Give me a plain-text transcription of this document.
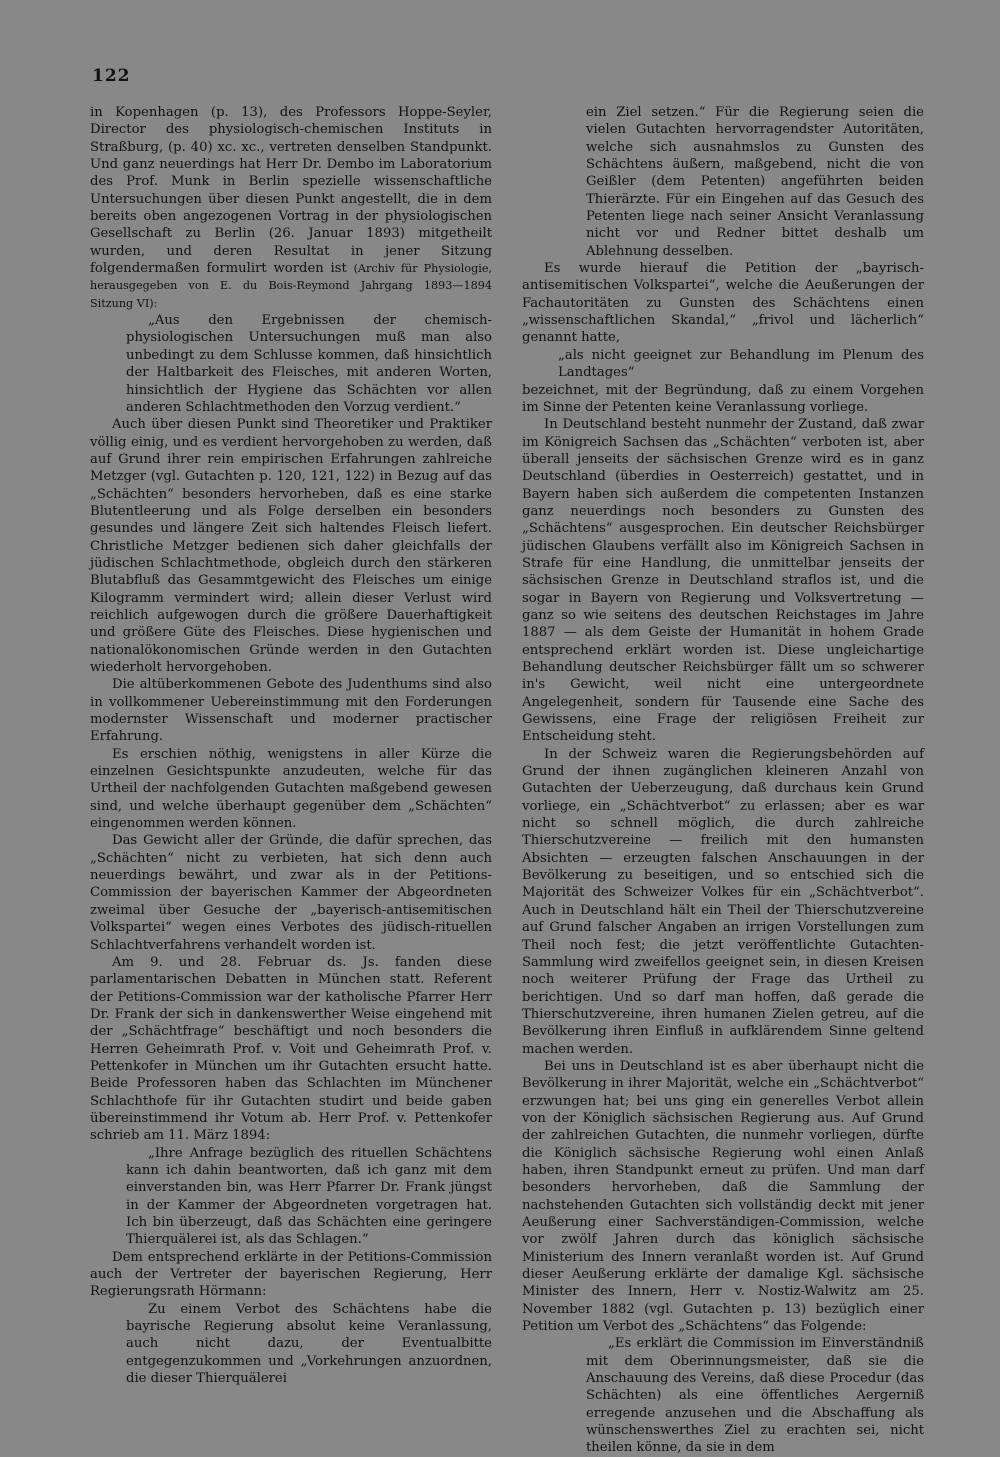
122

in Kopenhagen (p. 13), des Professors Hoppe-Seyler, Director des physiologisch-chemischen Instituts in Straßburg, (p. 40) xc. xc., vertreten denselben Standpunkt. Und ganz neuerdings hat Herr Dr. Dembo im Laboratorium des Prof. Munk in Berlin spezielle wissenschaftliche Untersuchungen über diesen Punkt angestellt, die in dem bereits oben angezogenen Vortrag in der physiologischen Gesellschaft zu Berlin (26. Januar 1893) mitgetheilt wurden, und deren Resultat in jener Sitzung folgendermaßen formulirt worden ist (Archiv für Physiologie, herausgegeben von E. du Bois-Reymond Jahrgang 1893—1894 Sitzung VI):

„Aus den Ergebnissen der chemisch-physiologischen Untersuchungen muß man also unbedingt zu dem Schlusse kommen, daß hinsichtlich der Haltbarkeit des Fleisches, mit anderen Worten, hinsichtlich der Hygiene das Schächten vor allen anderen Schlachtmethoden den Vorzug verdient.“

Auch über diesen Punkt sind Theoretiker und Praktiker völlig einig, und es verdient hervorgehoben zu werden, daß auf Grund ihrer rein empirischen Erfahrungen zahlreiche Metzger (vgl. Gutachten p. 120, 121, 122) in Bezug auf das „Schächten“ besonders hervorheben, daß es eine starke Blutentleerung und als Folge derselben ein besonders gesundes und längere Zeit sich haltendes Fleisch liefert. Christliche Metzger bedienen sich daher gleichfalls der jüdischen Schlachtmethode, obgleich durch den stärkeren Blutabfluß das Gesammtgewicht des Fleisches um einige Kilogramm vermindert wird; allein dieser Verlust wird reichlich aufgewogen durch die größere Dauerhaftigkeit und größere Güte des Fleisches. Diese hygienischen und nationalökonomischen Gründe werden in den Gutachten wiederholt hervorgehoben.

Die altüberkommenen Gebote des Judenthums sind also in vollkommener Uebereinstimmung mit den Forderungen modernster Wissenschaft und moderner practischer Erfahrung.

Es erschien nöthig, wenigstens in aller Kürze die einzelnen Gesichtspunkte anzudeuten, welche für das Urtheil der nachfolgenden Gutachten maßgebend gewesen sind, und welche überhaupt gegenüber dem „Schächten“ eingenommen werden können.

Das Gewicht aller der Gründe, die dafür sprechen, das „Schächten“ nicht zu verbieten, hat sich denn auch neuerdings bewährt, und zwar als in der Petitions-Commission der bayerischen Kammer der Abgeordneten zweimal über Gesuche der „bayerisch-antisemitischen Volkspartei“ wegen eines Verbotes des jüdisch-rituellen Schlachtverfahrens verhandelt worden ist.

Am 9. und 28. Februar ds. Js. fanden diese parlamentarischen Debatten in München statt. Referent der Petitions-Commission war der katholische Pfarrer Herr Dr. Frank der sich in dankenswerther Weise eingehend mit der „Schächtfrage“ beschäftigt und noch besonders die Herren Geheimrath Prof. v. Voit und Geheimrath Prof. v. Pettenkofer in München um ihr Gutachten ersucht hatte. Beide Professoren haben das Schlachten im Münchener Schlachthofe für ihr Gutachten studirt und beide gaben übereinstimmend ihr Votum ab. Herr Prof. v. Pettenkofer schrieb am 11. März 1894:

„Ihre Anfrage bezüglich des rituellen Schächtens kann ich dahin beantworten, daß ich ganz mit dem einverstanden bin, was Herr Pfarrer Dr. Frank jüngst in der Kammer der Abgeordneten vorgetragen hat. Ich bin überzeugt, daß das Schächten eine geringere Thierquälerei ist, als das Schlagen.“

Dem entsprechend erklärte in der Petitions-Commission auch der Vertreter der bayerischen Regierung, Herr Regierungsrath Hörmann:

Zu einem Verbot des Schächtens habe die bayrische Regierung absolut keine Veranlassung, auch nicht dazu, der Eventualbitte entgegenzukommen und „Vorkehrungen anzuordnen, die dieser Thierquälerei

ein Ziel setzen.“ Für die Regierung seien die vielen Gutachten hervorragendster Autoritäten, welche sich ausnahmslos zu Gunsten des Schächtens äußern, maßgebend, nicht die von Geißler (dem Petenten) angeführten beiden Thierärzte. Für ein Eingehen auf das Gesuch des Petenten liege nach seiner Ansicht Veranlassung nicht vor und Redner bittet deshalb um Ablehnung desselben.

Es wurde hierauf die Petition der „bayrisch-antisemitischen Volkspartei“, welche die Aeußerungen der Fachautoritäten zu Gunsten des Schächtens einen „wissenschaftlichen Skandal,“ „frivol und lächerlich“ genannt hatte,

„als nicht geeignet zur Behandlung im Plenum des Landtages“

bezeichnet, mit der Begründung, daß zu einem Vorgehen im Sinne der Petenten keine Veranlassung vorliege.

In Deutschland besteht nunmehr der Zustand, daß zwar im Königreich Sachsen das „Schächten“ verboten ist, aber überall jenseits der sächsischen Grenze wird es in ganz Deutschland (überdies in Oesterreich) gestattet, und in Bayern haben sich außerdem die competenten Instanzen ganz neuerdings noch besonders zu Gunsten des „Schächtens“ ausgesprochen. Ein deutscher Reichsbürger jüdischen Glaubens verfällt also im Königreich Sachsen in Strafe für eine Handlung, die unmittelbar jenseits der sächsischen Grenze in Deutschland straflos ist, und die sogar in Bayern von Regierung und Volksvertretung — ganz so wie seitens des deutschen Reichstages im Jahre 1887 — als dem Geiste der Humanität in hohem Grade entsprechend erklärt worden ist. Diese ungleichartige Behandlung deutscher Reichsbürger fällt um so schwerer in's Gewicht, weil nicht eine untergeordnete Angelegenheit, sondern für Tausende eine Sache des Gewissens, eine Frage der religiösen Freiheit zur Entscheidung steht.

In der Schweiz waren die Regierungsbehörden auf Grund der ihnen zugänglichen kleineren Anzahl von Gutachten der Ueberzeugung, daß durchaus kein Grund vorliege, ein „Schächtverbot“ zu erlassen; aber es war nicht so schnell möglich, die durch zahlreiche Thierschutzvereine — freilich mit den humansten Absichten — erzeugten falschen Anschauungen in der Bevölkerung zu beseitigen, und so entschied sich die Majorität des Schweizer Volkes für ein „Schächtverbot“. Auch in Deutschland hält ein Theil der Thierschutzvereine auf Grund falscher Angaben an irrigen Vorstellungen zum Theil noch fest; die jetzt veröffentlichte Gutachten-Sammlung wird zweifellos geeignet sein, in diesen Kreisen noch weiterer Prüfung der Frage das Urtheil zu berichtigen. Und so darf man hoffen, daß gerade die Thierschutzvereine, ihren humanen Zielen getreu, auf die Bevölkerung ihren Einfluß in aufklärendem Sinne geltend machen werden.

Bei uns in Deutschland ist es aber überhaupt nicht die Bevölkerung in ihrer Majorität, welche ein „Schächtverbot“ erzwungen hat; bei uns ging ein generelles Verbot allein von der Königlich sächsischen Regierung aus. Auf Grund der zahlreichen Gutachten, die nunmehr vorliegen, dürfte die Königlich sächsische Regierung wohl einen Anlaß haben, ihren Standpunkt erneut zu prüfen. Und man darf besonders hervorheben, daß die Sammlung der nachstehenden Gutachten sich vollständig deckt mit jener Aeußerung einer Sachverständigen-Commission, welche vor zwölf Jahren durch das königlich sächsische Ministerium des Innern veranlaßt worden ist. Auf Grund dieser Aeußerung erklärte der damalige Kgl. sächsische Minister des Innern, Herr v. Nostiz-Walwitz am 25. November 1882 (vgl. Gutachten p. 13) bezüglich einer Petition um Verbot des „Schächtens“ das Folgende:

„Es erklärt die Commission im Einverständniß mit dem Oberinnungsmeister, daß sie die Anschauung des Vereins, daß diese Procedur (das Schächten) als eine öffentliches Aergerniß erregende anzusehen und die Abschaffung als wünschenswerthes Ziel zu erachten sei, nicht theilen könne, da sie in dem
